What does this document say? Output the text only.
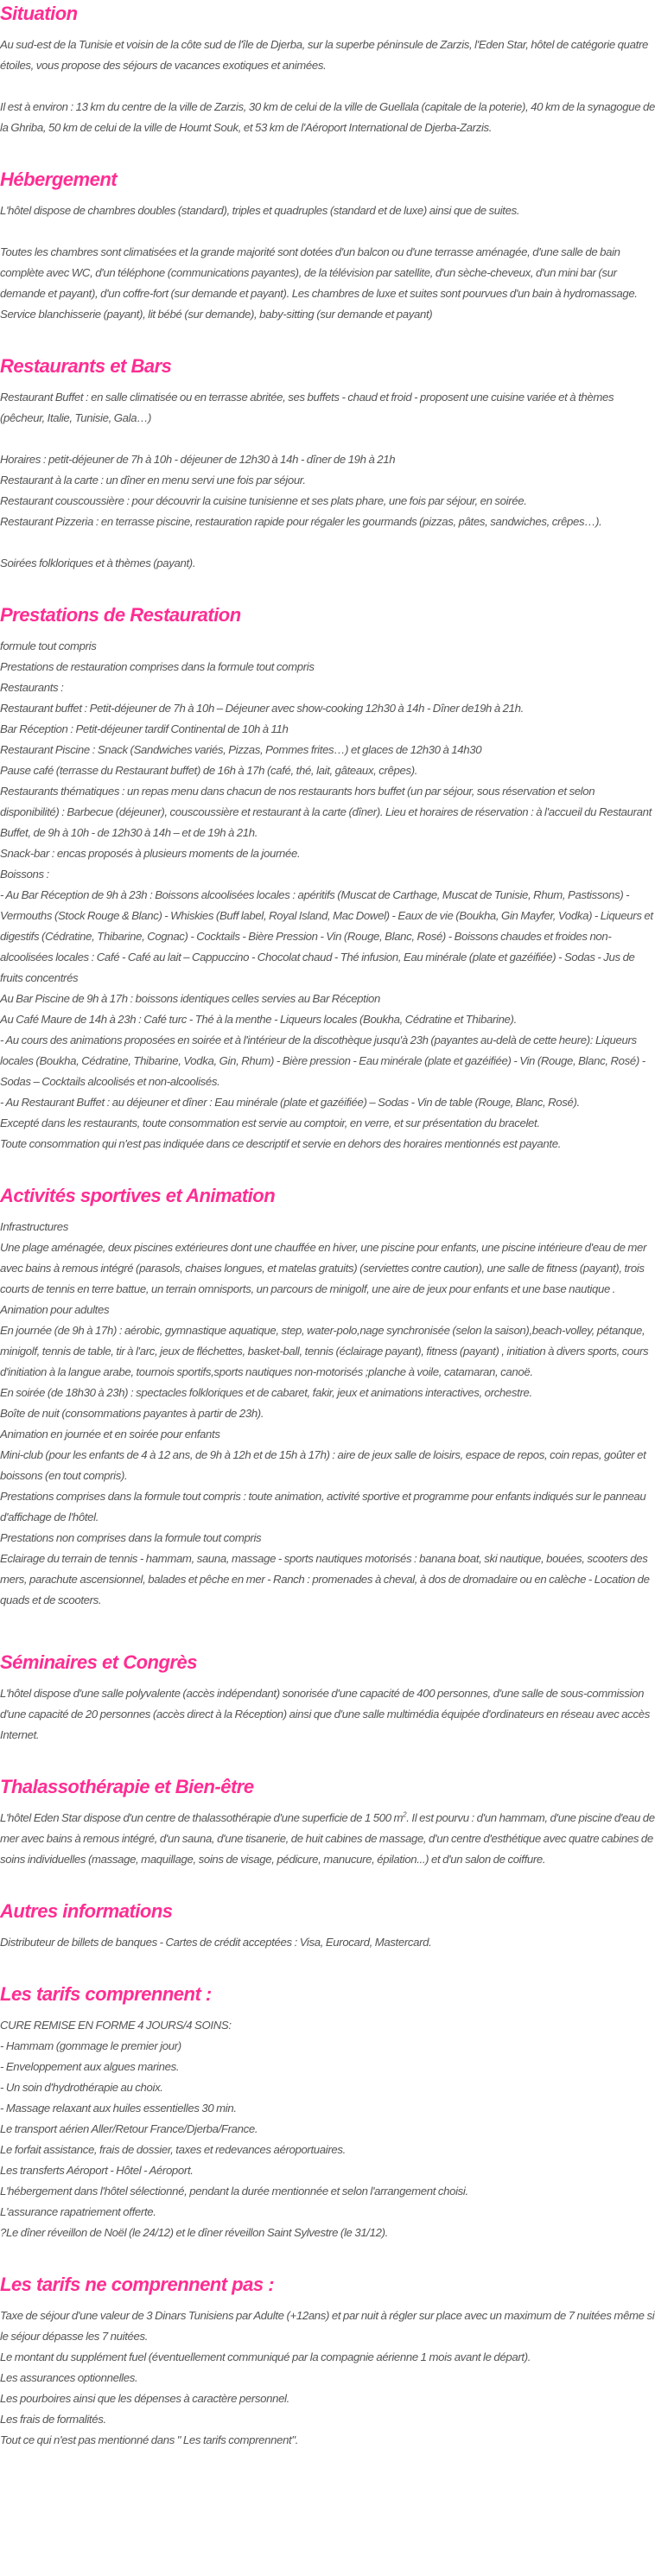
Situation

Au sud-est de la Tunisie et voisin de la côte sud de l'île de Djerba, sur la superbe péninsule de Zarzis, l'Eden Star, hôtel de catégorie quatre étoiles, vous propose des séjours de vacances exotiques et animées.

Il est à environ : 13 km du centre de la ville de Zarzis, 30 km de celui de la ville de Guellala (capitale de la poterie), 40 km de la synagogue de la Ghriba, 50 km de celui de la ville de Houmt Souk, et 53 km de l'Aéroport International de Djerba-Zarzis.

Hébergement

L'hôtel dispose de chambres doubles (standard), triples et quadruples (standard et de luxe) ainsi que de suites.

Toutes les chambres sont climatisées et la grande majorité sont dotées d'un balcon ou d'une terrasse aménagée, d'une salle de bain complète avec WC, d'un téléphone (communications payantes), de la télévision par satellite, d'un sèche-cheveux, d'un mini bar (sur demande et payant), d'un coffre-fort (sur demande et payant). Les chambres de luxe et suites sont pourvues d'un bain à hydromassage. Service blanchisserie (payant), lit bébé (sur demande), baby-sitting (sur demande et payant)

Restaurants et Bars

Restaurant Buffet : en salle climatisée ou en terrasse abritée, ses buffets - chaud et froid - proposent une cuisine variée et à thèmes (pêcheur, Italie, Tunisie, Gala…)

Horaires : petit-déjeuner de 7h à 10h - déjeuner de 12h30 à 14h - dîner de 19h à 21h

Restaurant à la carte : un dîner en menu servi une fois par séjour.

Restaurant couscoussière : pour découvrir la cuisine tunisienne et ses plats phare, une fois par séjour, en soirée.

Restaurant Pizzeria : en terrasse piscine, restauration rapide pour régaler les gourmands (pizzas, pâtes, sandwiches, crêpes…).

Soirées folkloriques et à thèmes (payant).

Prestations de Restauration

formule tout compris

Prestations de restauration comprises dans la formule tout compris

Restaurants :

Restaurant buffet : Petit-déjeuner de 7h à 10h – Déjeuner avec show-cooking 12h30 à 14h - Dîner de19h à 21h.

Bar Réception : Petit-déjeuner tardif Continental de 10h à 11h

Restaurant Piscine : Snack (Sandwiches variés, Pizzas, Pommes frites…) et glaces de 12h30 à 14h30

Pause café (terrasse du Restaurant buffet) de 16h à 17h (café, thé, lait, gâteaux, crêpes).

Restaurants thématiques : un repas menu dans chacun de nos restaurants hors buffet (un par séjour, sous réservation et selon disponibilité) : Barbecue (déjeuner), couscoussière et restaurant à la carte (dîner). Lieu et horaires de réservation : à l'accueil du Restaurant Buffet, de 9h à 10h - de 12h30 à 14h – et de 19h à 21h.

Snack-bar : encas proposés à plusieurs moments de la journée.

Boissons :

- Au Bar Réception de 9h à 23h : Boissons alcoolisées locales : apéritifs (Muscat de Carthage, Muscat de Tunisie, Rhum, Pastissons) - Vermouths (Stock Rouge & Blanc) - Whiskies (Buff label, Royal Island, Mac Dowel) - Eaux de vie (Boukha, Gin Mayfer, Vodka) - Liqueurs et digestifs (Cédratine, Thibarine, Cognac) - Cocktails - Bière Pression - Vin (Rouge, Blanc, Rosé) - Boissons chaudes et froides non-alcoolisées locales : Café - Café au lait – Cappuccino - Chocolat chaud - Thé infusion, Eau minérale (plate et gazéifiée) - Sodas - Jus de fruits concentrés

Au Bar Piscine de 9h à 17h : boissons identiques celles servies au Bar Réception

Au Café Maure de 14h à 23h : Café turc - Thé à la menthe - Liqueurs locales (Boukha, Cédratine et Thibarine).

- Au cours des animations proposées en soirée et à l'intérieur de la discothèque jusqu'à 23h (payantes au-delà de cette heure): Liqueurs locales (Boukha, Cédratine, Thibarine, Vodka, Gin, Rhum) - Bière pression - Eau minérale (plate et gazéifiée) - Vin (Rouge, Blanc, Rosé) - Sodas – Cocktails alcoolisés et non-alcoolisés.

- Au Restaurant Buffet : au déjeuner et dîner : Eau minérale (plate et gazéifiée) – Sodas - Vin de table (Rouge, Blanc, Rosé).

Excepté dans les restaurants, toute consommation est servie au comptoir, en verre, et sur présentation du bracelet.

Toute consommation qui n'est pas indiquée dans ce descriptif et servie en dehors des horaires mentionnés est payante.

Activités sportives et Animation

Infrastructures

Une plage aménagée, deux piscines extérieures dont une chauffée en hiver, une piscine pour enfants, une piscine intérieure d'eau de mer avec bains à remous intégré (parasols, chaises longues, et matelas gratuits) (serviettes contre caution), une salle de fitness (payant), trois courts de tennis en terre battue, un terrain omnisports, un parcours de minigolf, une aire de jeux pour enfants et une base nautique .

Animation pour adultes

En journée (de 9h à 17h) : aérobic, gymnastique aquatique, step, water-polo,nage synchronisée (selon la saison),beach-volley, pétanque, minigolf, tennis de table, tir à l'arc, jeux de fléchettes, basket-ball, tennis (éclairage payant), fitness (payant) , initiation à divers sports, cours d'initiation à la langue arabe, tournois sportifs,sports nautiques non-motorisés ;planche à voile, catamaran, canoë.

En soirée (de 18h30 à 23h) : spectacles folkloriques et de cabaret, fakir, jeux et animations interactives, orchestre.

Boîte de nuit (consommations payantes à partir de 23h).

Animation en journée et en soirée pour enfants

Mini-club (pour les enfants de 4 à 12 ans, de 9h à 12h et de 15h à 17h) : aire de jeux salle de loisirs, espace de repos, coin repas, goûter et boissons (en tout compris).

Prestations comprises dans la formule tout compris : toute animation, activité sportive et programme pour enfants indiqués sur le panneau d'affichage de l'hôtel.

Prestations non comprises dans la formule tout compris

Eclairage du terrain de tennis - hammam, sauna, massage - sports nautiques motorisés : banana boat, ski nautique, bouées, scooters des mers, parachute ascensionnel, balades et pêche en mer - Ranch : promenades à cheval, à dos de dromadaire ou en calèche - Location de quads et de scooters.

Séminaires et Congrès

L'hôtel dispose d'une salle polyvalente (accès indépendant) sonorisée d'une capacité de 400 personnes, d'une salle de sous-commission d'une capacité de 20 personnes (accès direct à la Réception) ainsi que d'une salle multimédia équipée d'ordinateurs en réseau avec accès Internet.

Thalassothérapie et Bien-être

L'hôtel Eden Star dispose d'un centre de thalassothérapie d'une superficie de 1 500 $m^2$. Il est pourvu : d'un hammam, d'une piscine d'eau de mer avec bains à remous intégré, d'un sauna, d'une tisanerie, de huit cabines de massage, d'un centre d'esthétique avec quatre cabines de soins individuelles (massage, maquillage, soins de visage, pédicure, manucure, épilation...) et d'un salon de coiffure.

Autres informations

Distributeur de billets de banques - Cartes de crédit acceptées : Visa, Eurocard, Mastercard.

Les tarifs comprennent :

CURE REMISE EN FORME 4 JOURS/4 SOINS:

- Hammam (gommage le premier jour)

- Enveloppement aux algues marines.

- Un soin d'hydrothérapie au choix.

- Massage relaxant aux huiles essentielles 30 min.

Le transport aérien Aller/Retour France/Djerba/France.

Le forfait assistance, frais de dossier, taxes et redevances aéroportuaires.

Les transferts Aéroport - Hôtel - Aéroport.

L'hébergement dans l'hôtel sélectionné, pendant la durée mentionnée et selon l'arrangement choisi.

L'assurance rapatriement offerte.

?Le dîner réveillon de Noël (le 24/12) et le dîner réveillon Saint Sylvestre (le 31/12).

Les tarifs ne comprennent pas :

Taxe de séjour d'une valeur de 3 Dinars Tunisiens par Adulte (+12ans) et par nuit à régler sur place avec un maximum de 7 nuitées même si le séjour dépasse les 7 nuitées.

Le montant du supplément fuel (éventuellement communiqué par la compagnie aérienne 1 mois avant le départ).

Les assurances optionnelles.

Les pourboires ainsi que les dépenses à caractère personnel.

Les frais de formalités.

Tout ce qui n'est pas mentionné dans " Les tarifs comprennent".
